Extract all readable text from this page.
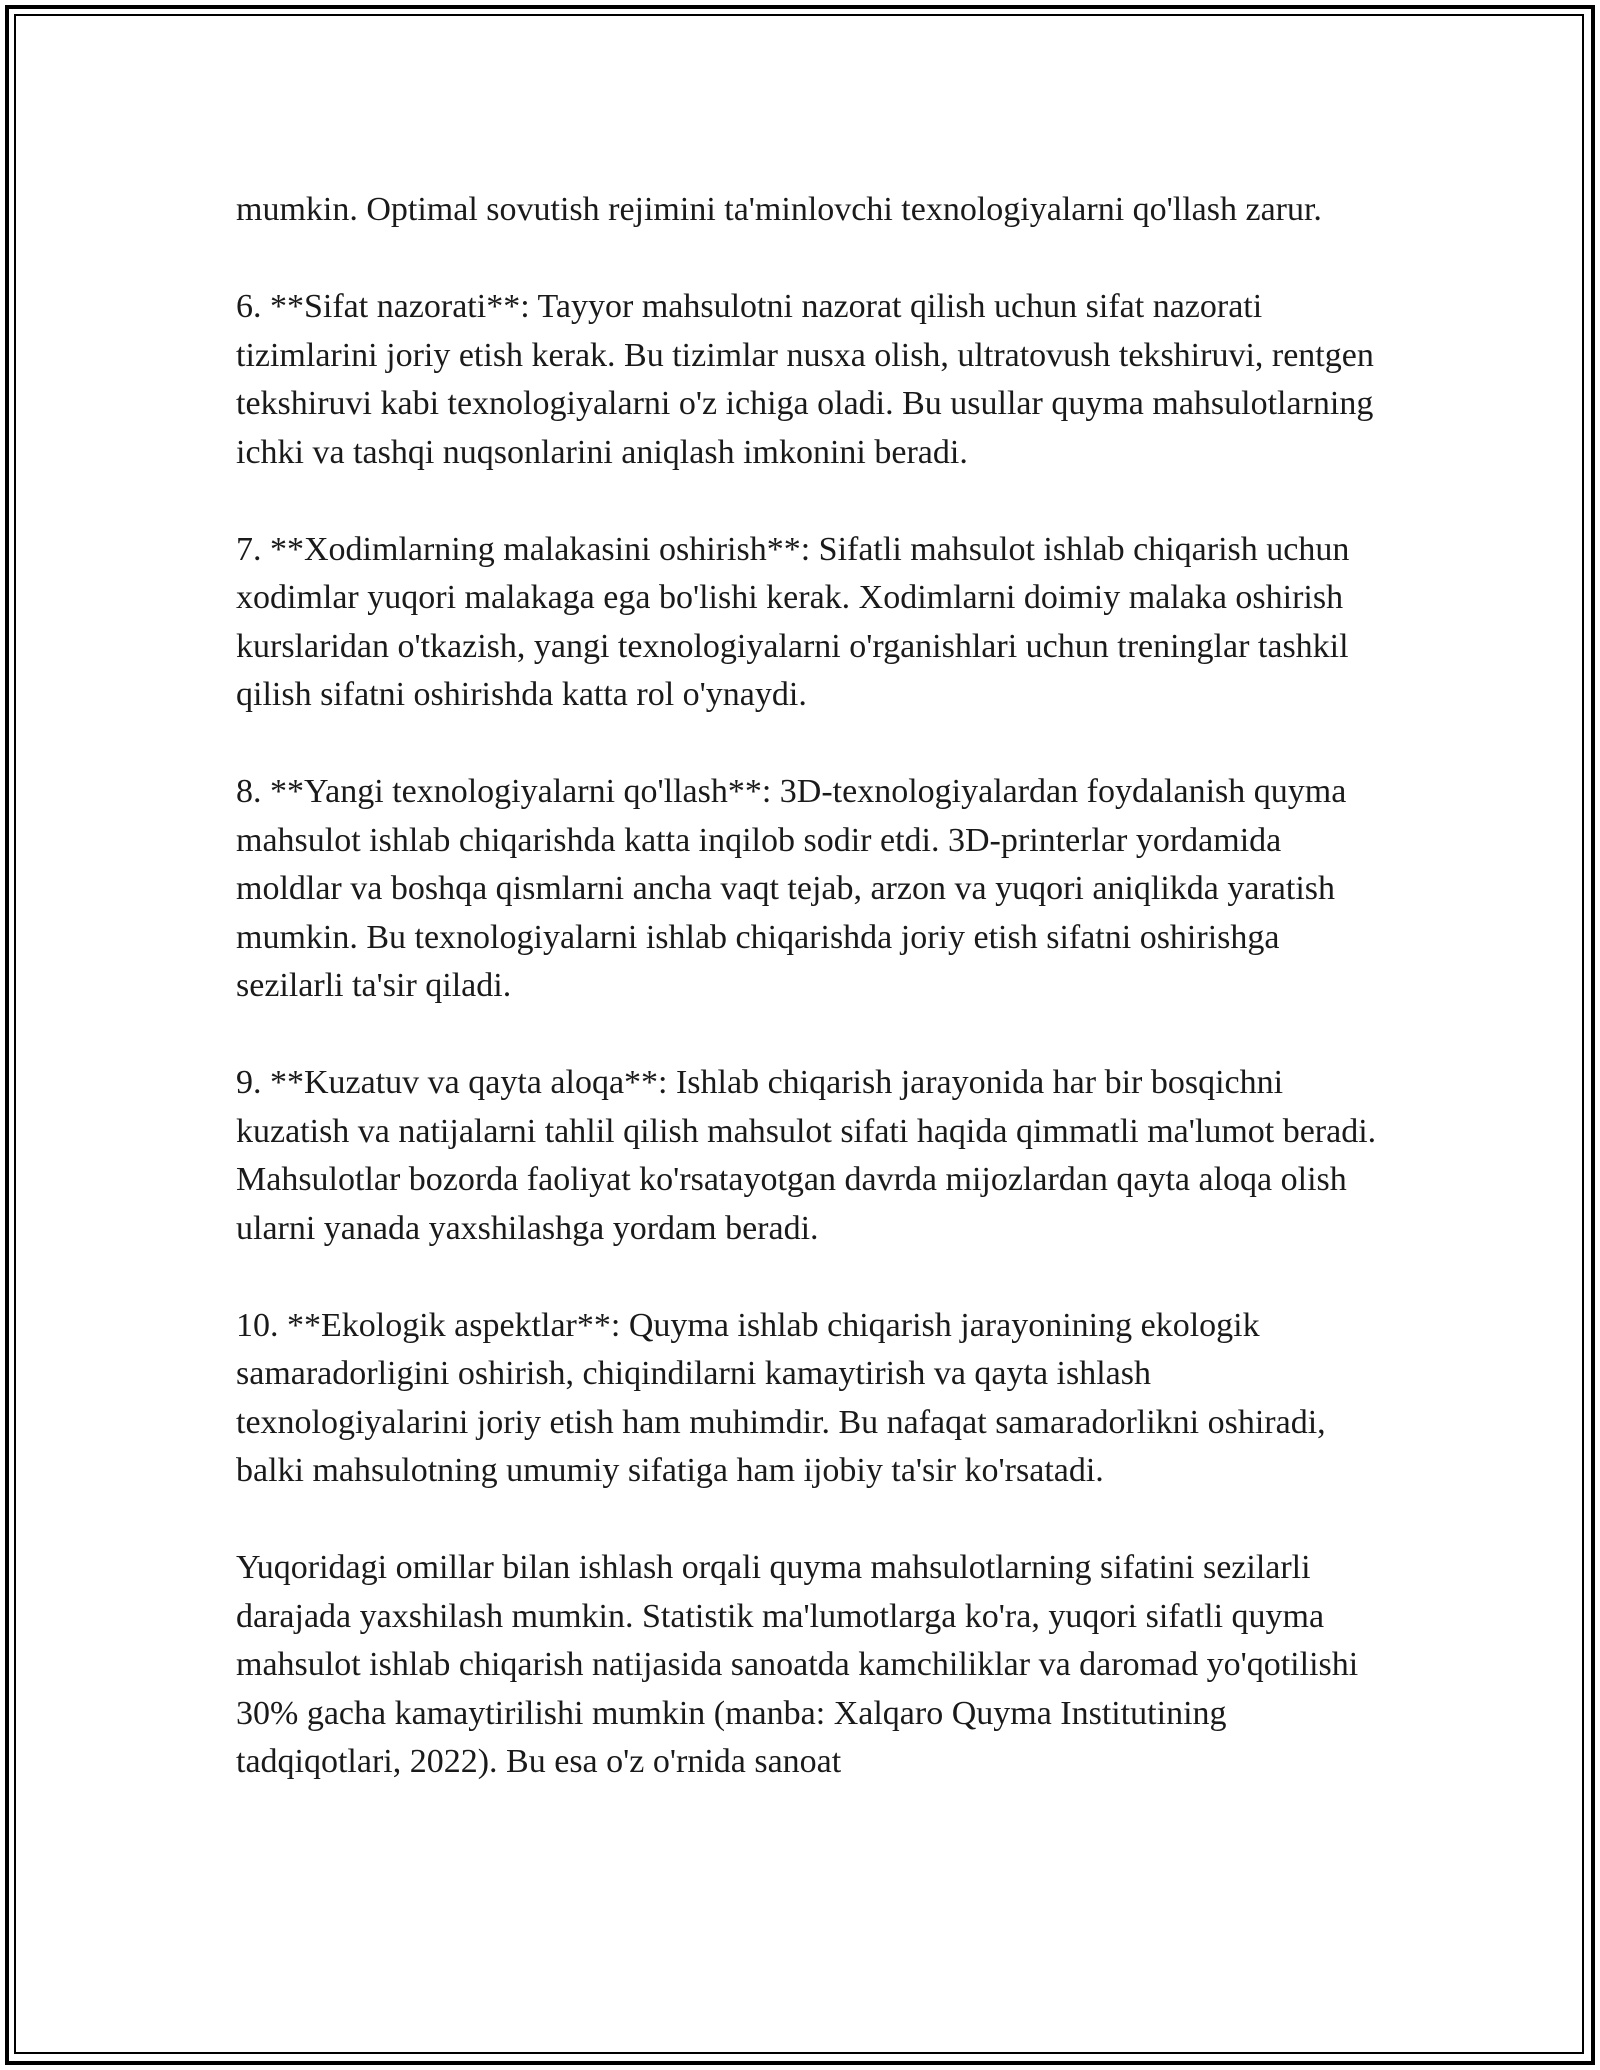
mumkin. Optimal sovutish rejimini ta'minlovchi texnologiyalarni qo'llash zarur.

6. **Sifat nazorati**: Tayyor mahsulotni nazorat qilish uchun sifat nazorati tizimlarini joriy etish kerak. Bu tizimlar nusxa olish, ultratovush tekshiruvi, rentgen tekshiruvi kabi texnologiyalarni o'z ichiga oladi. Bu usullar quyma mahsulotlarning ichki va tashqi nuqsonlarini aniqlash imkonini beradi.

7. **Xodimlarning malakasini oshirish**: Sifatli mahsulot ishlab chiqarish uchun xodimlar yuqori malakaga ega bo'lishi kerak. Xodimlarni doimiy malaka oshirish kurslaridan o'tkazish, yangi texnologiyalarni o'rganishlari uchun treninglar tashkil qilish sifatni oshirishda katta rol o'ynaydi.

8. **Yangi texnologiyalarni qo'llash**: 3D-texnologiyalardan foydalanish quyma mahsulot ishlab chiqarishda katta inqilob sodir etdi. 3D-printerlar yordamida moldlar va boshqa qismlarni ancha vaqt tejab, arzon va yuqori aniqlikda yaratish mumkin. Bu texnologiyalarni ishlab chiqarishda joriy etish sifatni oshirishga sezilarli ta'sir qiladi.

9. **Kuzatuv va qayta aloqa**: Ishlab chiqarish jarayonida har bir bosqichni kuzatish va natijalarni tahlil qilish mahsulot sifati haqida qimmatli ma'lumot beradi. Mahsulotlar bozorda faoliyat ko'rsatayotgan davrda mijozlardan qayta aloqa olish ularni yanada yaxshilashga yordam beradi.

10. **Ekologik aspektlar**: Quyma ishlab chiqarish jarayonining ekologik samaradorligini oshirish, chiqindilarni kamaytirish va qayta ishlash texnologiyalarini joriy etish ham muhimdir. Bu nafaqat samaradorlikni oshiradi, balki mahsulotning umumiy sifatiga ham ijobiy ta'sir ko'rsatadi.

Yuqoridagi omillar bilan ishlash orqali quyma mahsulotlarning sifatini sezilarli darajada yaxshilash mumkin. Statistik ma'lumotlarga ko'ra, yuqori sifatli quyma mahsulot ishlab chiqarish natijasida sanoatda kamchiliklar va daromad yo'qotilishi 30% gacha kamaytirilishi mumkin (manba: Xalqaro Quyma Institutining tadqiqotlari, 2022). Bu esa o'z o'rnida sanoat
